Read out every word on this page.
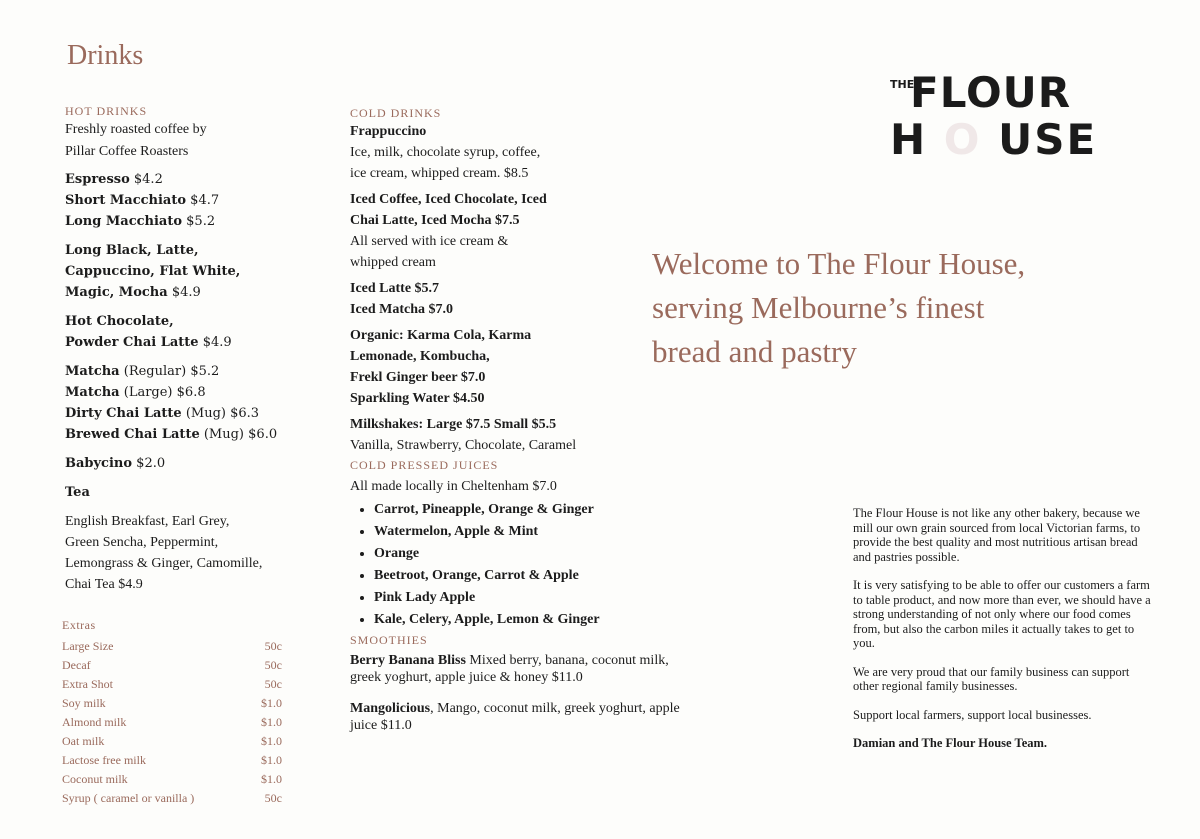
Drinks
HOT DRINKS
Freshly roasted coffee by
Pillar Coffee Roasters
Espresso $4.2
Short Macchiato $4.7
Long Macchiato $5.2
Long Black, Latte,
Cappuccino, Flat White,
Magic, Mocha $4.9
Hot Chocolate,
Powder Chai Latte $4.9
Matcha (Regular) $5.2
Matcha (Large) $6.8
Dirty Chai Latte (Mug) $6.3
Brewed Chai Latte (Mug) $6.0
Babycino $2.0
Tea
English Breakfast, Earl Grey,
Green Sencha, Peppermint,
Lemongrass & Ginger, Camomille,
Chai Tea $4.9
Extras
Large Size	50c
Decaf	50c
Extra Shot	50c
Soy milk	$1.0
Almond milk	$1.0
Oat milk	$1.0
Lactose free milk	$1.0
Coconut milk	$1.0
Syrup ( caramel or vanilla )	50c
COLD DRINKS
Frappuccino
Ice, milk, chocolate syrup, coffee,
ice cream, whipped cream. $8.5
Iced Coffee, Iced Chocolate, Iced
Chai Latte, Iced Mocha $7.5
All served with ice cream &
whipped cream
Iced Latte $5.7
Iced Matcha $7.0
Organic: Karma Cola, Karma
Lemonade, Kombucha,
Frekl Ginger beer $7.0
Sparkling Water $4.50
Milkshakes: Large $7.5 Small $5.5
Vanilla, Strawberry, Chocolate, Caramel
COLD PRESSED JUICES
All made locally in Cheltenham $7.0
• Carrot, Pineapple, Orange & Ginger
• Watermelon, Apple & Mint
• Orange
• Beetroot, Orange, Carrot & Apple
• Pink Lady Apple
• Kale, Celery, Apple, Lemon & Ginger
SMOOTHIES
Berry Banana Bliss Mixed berry, banana, coconut milk, greek yoghurt, apple juice & honey $11.0
Mangolicious, Mango, coconut milk, greek yoghurt, apple juice $11.0
THE
FLOUR
H O USE
Welcome to The Flour House,
serving Melbourne’s finest
bread and pastry

The Flour House is not like any other bakery, because we mill our own grain sourced from local Victorian farms, to provide the best quality and most nutritious artisan bread and pastries possible.

It is very satisfying to be able to offer our customers a farm to table product, and now more than ever, we should have a strong understanding of not only where our food comes from, but also the carbon miles it actually takes to get to you.

We are very proud that our family business can support other regional family businesses.

Support local farmers, support local businesses.

Damian and The Flour House Team.
